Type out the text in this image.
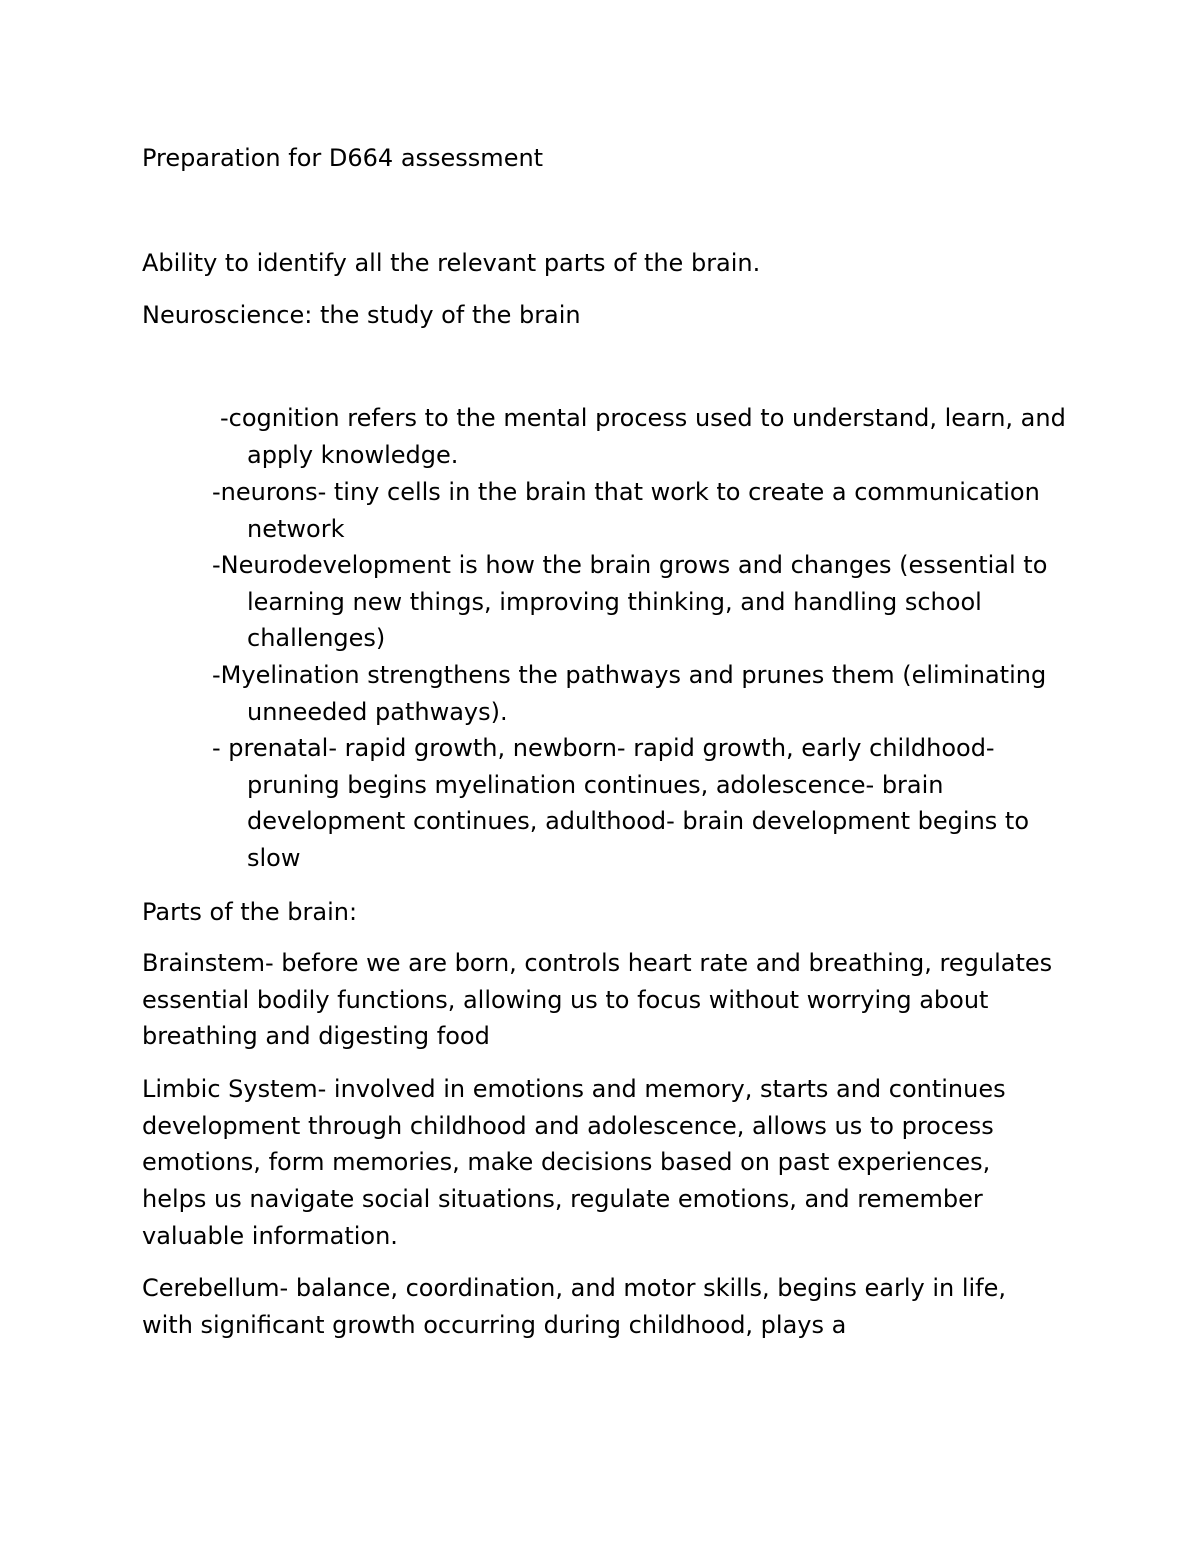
Preparation for D664 assessment
Ability to identify all the relevant parts of the brain.
Neuroscience: the study of the brain
-cognition refers to the mental process used to understand, learn, and apply knowledge.
-neurons- tiny cells in the brain that work to create a communication network
-Neurodevelopment is how the brain grows and changes (essential to learning new things, improving thinking, and handling school challenges)
-Myelination strengthens the pathways and prunes them (eliminating unneeded pathways).
- prenatal- rapid growth, newborn- rapid growth, early childhood-pruning begins myelination continues, adolescence- brain development continues, adulthood- brain development begins to slow
Parts of the brain:
Brainstem- before we are born, controls heart rate and breathing, regulates essential bodily functions, allowing us to focus without worrying about breathing and digesting food
Limbic System- involved in emotions and memory, starts and continues development through childhood and adolescence, allows us to process emotions, form memories, make decisions based on past experiences, helps us navigate social situations, regulate emotions, and remember valuable information.
Cerebellum- balance, coordination, and motor skills, begins early in life, with significant growth occurring during childhood, plays a
